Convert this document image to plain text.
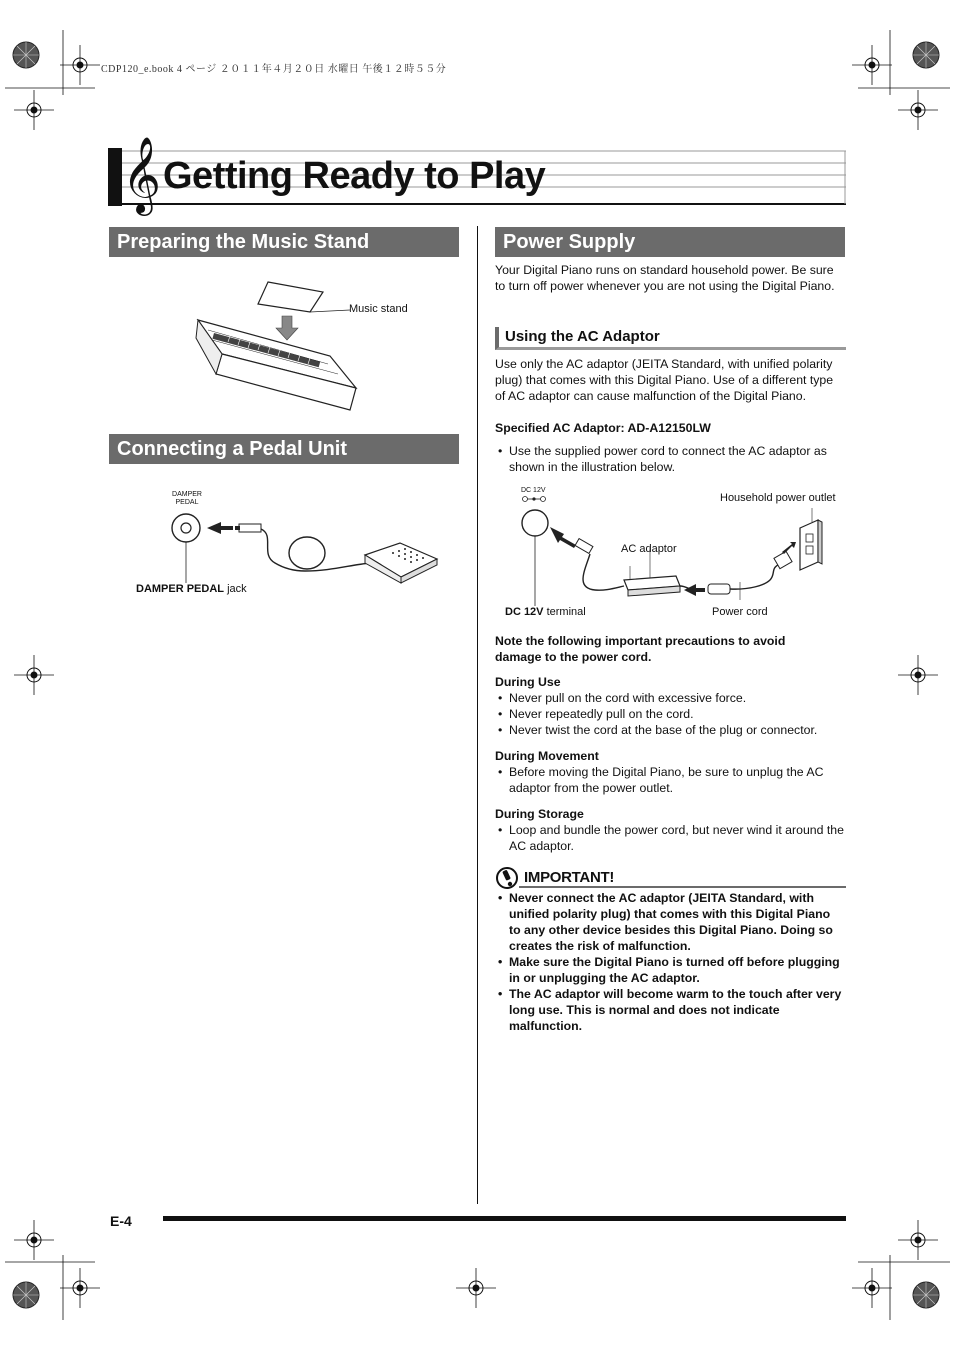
CDP120_e.book 4 ページ ２０１１年４月２０日 水曜日 午後１２時５５分
𝄞 Getting Ready to Play
Preparing the Music Stand
Music stand
Connecting a Pedal Unit
DAMPER
PEDAL
DAMPER PEDAL jack
Power Supply
Your Digital Piano runs on standard household power. Be sure to turn off power whenever you are not using the Digital Piano.
Using the AC Adaptor
Use only the AC adaptor (JEITA Standard, with unified polarity plug) that comes with this Digital Piano. Use of a different type of AC adaptor can cause malfunction of the Digital Piano.
Specified AC Adaptor: AD-A12150LW
• Use the supplied power cord to connect the AC adaptor as shown in the illustration below.
DC 12V
Household power outlet
AC adaptor
DC 12V terminal	Power cord
Note the following important precautions to avoid damage to the power cord.
During Use
• Never pull on the cord with excessive force.
• Never repeatedly pull on the cord.
• Never twist the cord at the base of the plug or connector.
During Movement
• Before moving the Digital Piano, be sure to unplug the AC adaptor from the power outlet.
During Storage
• Loop and bundle the power cord, but never wind it around the AC adaptor.
IMPORTANT!
• Never connect the AC adaptor (JEITA Standard, with unified polarity plug) that comes with this Digital Piano to any other device besides this Digital Piano. Doing so creates the risk of malfunction.
• Make sure the Digital Piano is turned off before plugging in or unplugging the AC adaptor.
• The AC adaptor will become warm to the touch after very long use. This is normal and does not indicate malfunction.
E-4
